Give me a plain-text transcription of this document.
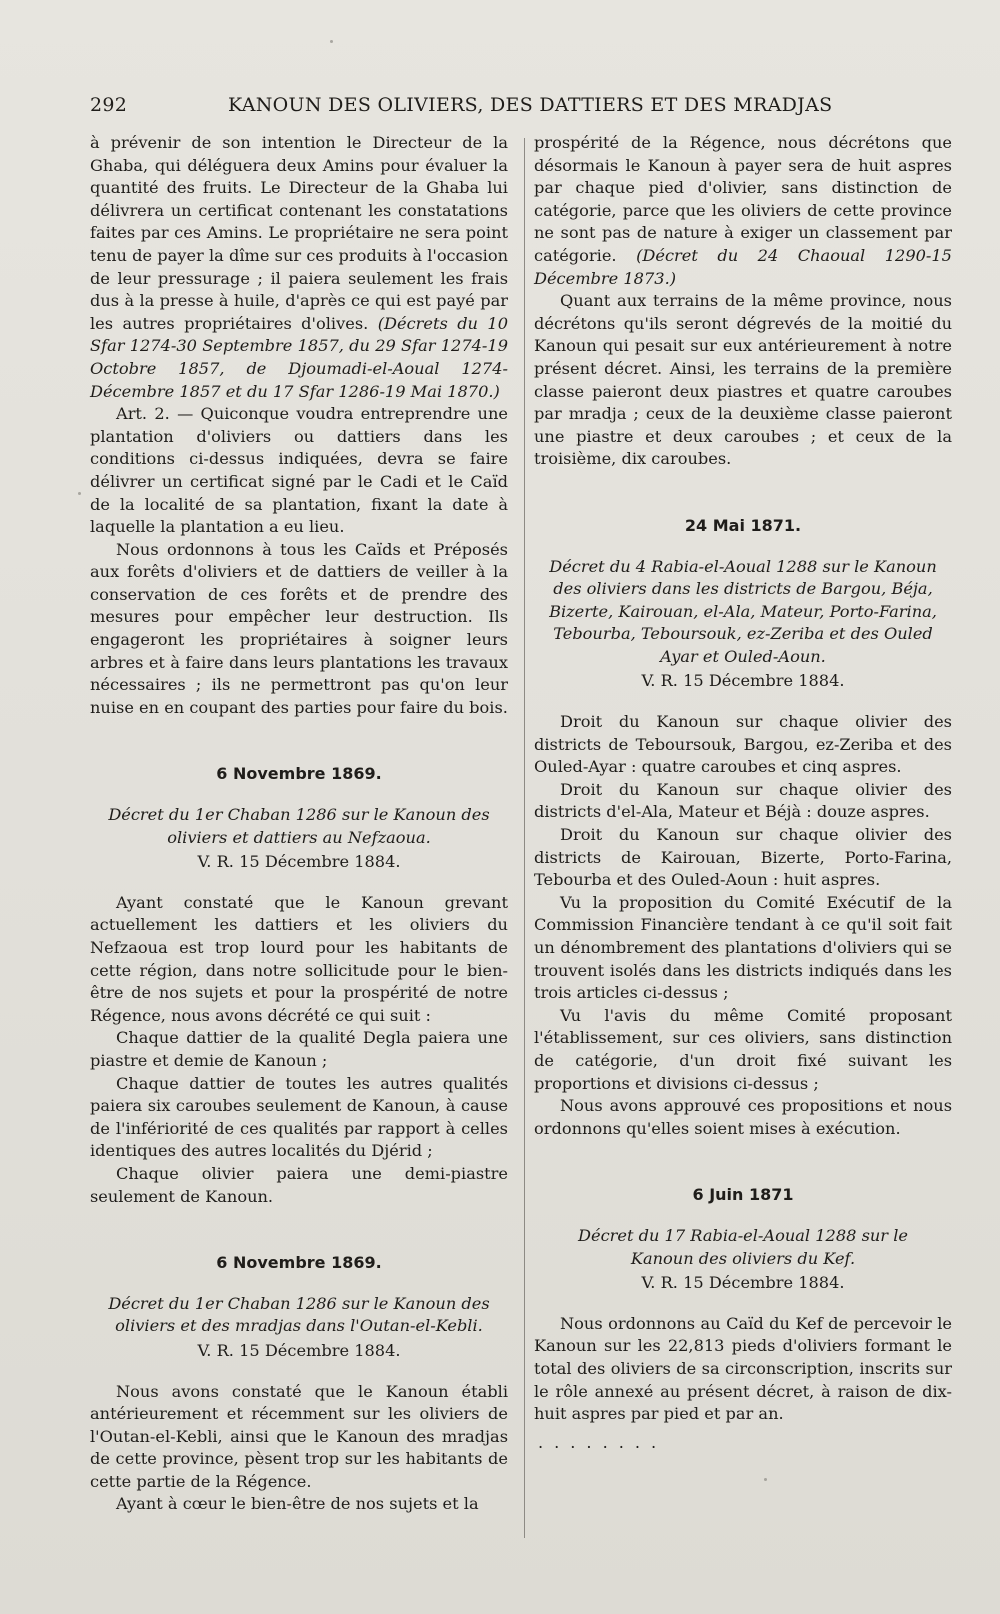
292	KANOUN DES OLIVIERS, DES DATTIERS ET DES MRADJAS

à prévenir de son intention le Directeur de la Ghaba, qui déléguera deux Amins pour évaluer la quantité des fruits. Le Directeur de la Ghaba lui délivrera un certificat contenant les constatations faites par ces Amins. Le propriétaire ne sera point tenu de payer la dîme sur ces produits à l'occasion de leur pressurage ; il paiera seulement les frais dus à la presse à huile, d'après ce qui est payé par les autres propriétaires d'olives. (Décrets du 10 Sfar 1274-30 Septembre 1857, du 29 Sfar 1274-19 Octobre 1857, de Djoumadi-el-Aoual 1274-Décembre 1857 et du 17 Sfar 1286-19 Mai 1870.)

Art. 2. — Quiconque voudra entreprendre une plantation d'oliviers ou dattiers dans les conditions ci-dessus indiquées, devra se faire délivrer un certificat signé par le Cadi et le Caïd de la localité de sa plantation, fixant la date à laquelle la plantation a eu lieu.

Nous ordonnons à tous les Caïds et Préposés aux forêts d'oliviers et de dattiers de veiller à la conservation de ces forêts et de prendre des mesures pour empêcher leur destruction. Ils engageront les propriétaires à soigner leurs arbres et à faire dans leurs plantations les travaux nécessaires ; ils ne permettront pas qu'on leur nuise en en coupant des parties pour faire du bois.

6 Novembre 1869.

Décret du 1er Chaban 1286 sur le Kanoun des oliviers et dattiers au Nefzaoua.

V. R. 15 Décembre 1884.

Ayant constaté que le Kanoun grevant actuellement les dattiers et les oliviers du Nefzaoua est trop lourd pour les habitants de cette région, dans notre sollicitude pour le bien-être de nos sujets et pour la prospérité de notre Régence, nous avons décrété ce qui suit :

Chaque dattier de la qualité Degla paiera une piastre et demie de Kanoun ;

Chaque dattier de toutes les autres qualités paiera six caroubes seulement de Kanoun, à cause de l'infériorité de ces qualités par rapport à celles identiques des autres localités du Djérid ;

Chaque olivier paiera une demi-piastre seulement de Kanoun.

6 Novembre 1869.

Décret du 1er Chaban 1286 sur le Kanoun des oliviers et des mradjas dans l'Outan-el-Kebli.

V. R. 15 Décembre 1884.

Nous avons constaté que le Kanoun établi antérieurement et récemment sur les oliviers de l'Outan-el-Kebli, ainsi que le Kanoun des mradjas de cette province, pèsent trop sur les habitants de cette partie de la Régence.

Ayant à cœur le bien-être de nos sujets et la

prospérité de la Régence, nous décrétons que désormais le Kanoun à payer sera de huit aspres par chaque pied d'olivier, sans distinction de catégorie, parce que les oliviers de cette province ne sont pas de nature à exiger un classement par catégorie. (Décret du 24 Chaoual 1290-15 Décembre 1873.)

Quant aux terrains de la même province, nous décrétons qu'ils seront dégrevés de la moitié du Kanoun qui pesait sur eux antérieurement à notre présent décret. Ainsi, les terrains de la première classe paieront deux piastres et quatre caroubes par mradja ; ceux de la deuxième classe paieront une piastre et deux caroubes ; et ceux de la troisième, dix caroubes.

24 Mai 1871.

Décret du 4 Rabia-el-Aoual 1288 sur le Kanoun des oliviers dans les districts de Bargou, Béja, Bizerte, Kairouan, el-Ala, Mateur, Porto-Farina, Tebourba, Teboursouk, ez-Zeriba et des Ouled Ayar et Ouled-Aoun.

V. R. 15 Décembre 1884.

Droit du Kanoun sur chaque olivier des districts de Teboursouk, Bargou, ez-Zeriba et des Ouled-Ayar : quatre caroubes et cinq aspres.

Droit du Kanoun sur chaque olivier des districts d'el-Ala, Mateur et Béjà : douze aspres.

Droit du Kanoun sur chaque olivier des districts de Kairouan, Bizerte, Porto-Farina, Tebourba et des Ouled-Aoun : huit aspres.

Vu la proposition du Comité Exécutif de la Commission Financière tendant à ce qu'il soit fait un dénombrement des plantations d'oliviers qui se trouvent isolés dans les districts indiqués dans les trois articles ci-dessus ;

Vu l'avis du même Comité proposant l'établissement, sur ces oliviers, sans distinction de catégorie, d'un droit fixé suivant les proportions et divisions ci-dessus ;

Nous avons approuvé ces propositions et nous ordonnons qu'elles soient mises à exécution.

6 Juin 1871

Décret du 17 Rabia-el-Aoual 1288 sur le Kanoun des oliviers du Kef.

V. R. 15 Décembre 1884.

Nous ordonnons au Caïd du Kef de percevoir le Kanoun sur les 22,813 pieds d'oliviers formant le total des oliviers de sa circonscription, inscrits sur le rôle annexé au présent décret, à raison de dix-huit aspres par pied et par an.

........
